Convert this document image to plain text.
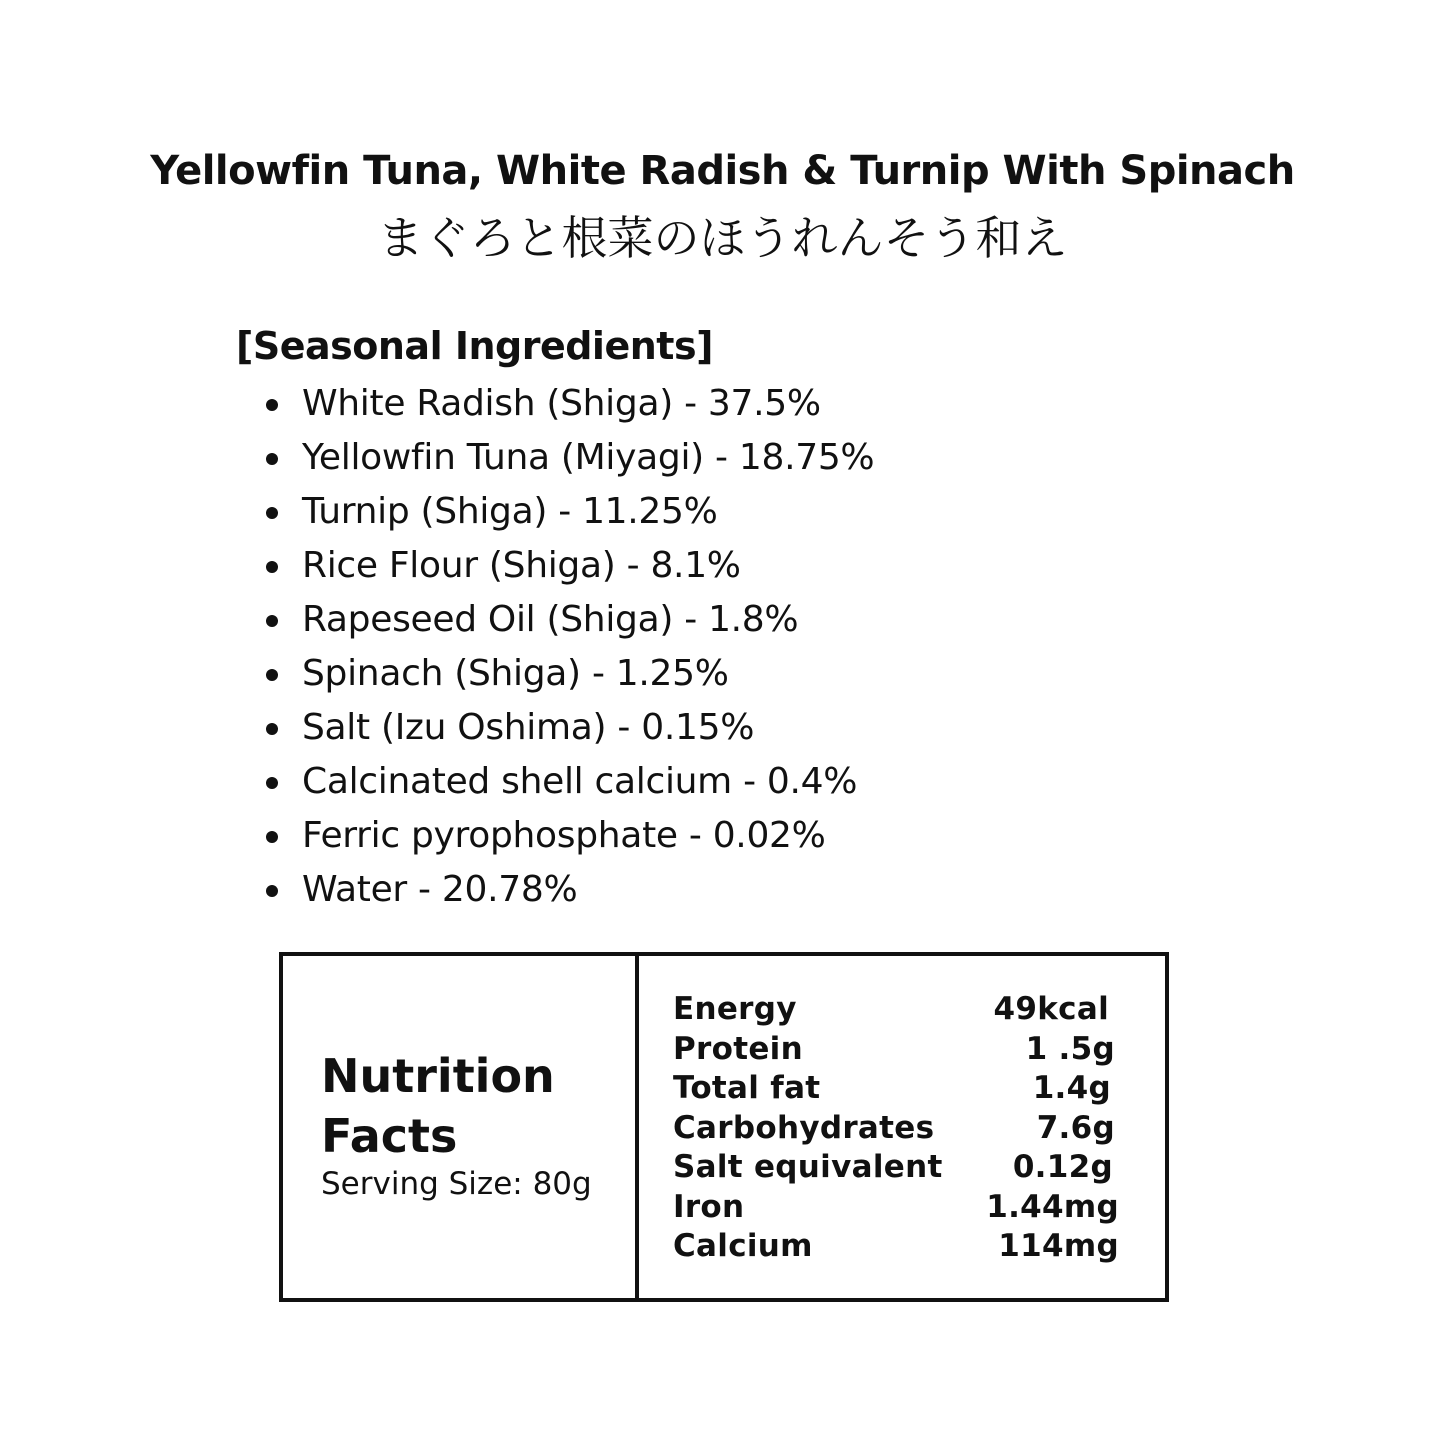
Yellowfin Tuna, White Radish & Turnip With Spinach
まぐろと根菜のほうれんそう和え
[Seasonal Ingredients]
White Radish (Shiga) - 37.5%
Yellowfin Tuna (Miyagi) - 18.75%
Turnip (Shiga) - 11.25%
Rice Flour (Shiga) - 8.1%
Rapeseed Oil (Shiga) - 1.8%
Spinach (Shiga) - 1.25%
Salt (Izu Oshima) - 0.15%
Calcinated shell calcium - 0.4%
Ferric pyrophosphate - 0.02%
Water - 20.78%
Nutrition
Facts
Serving Size: 80g
Energy	49kcal
Protein	1 .5g
Total fat	1.4g
Carbohydrates	7.6g
Salt equivalent 0.12g
Iron	1.44mg
Calcium	114mg
